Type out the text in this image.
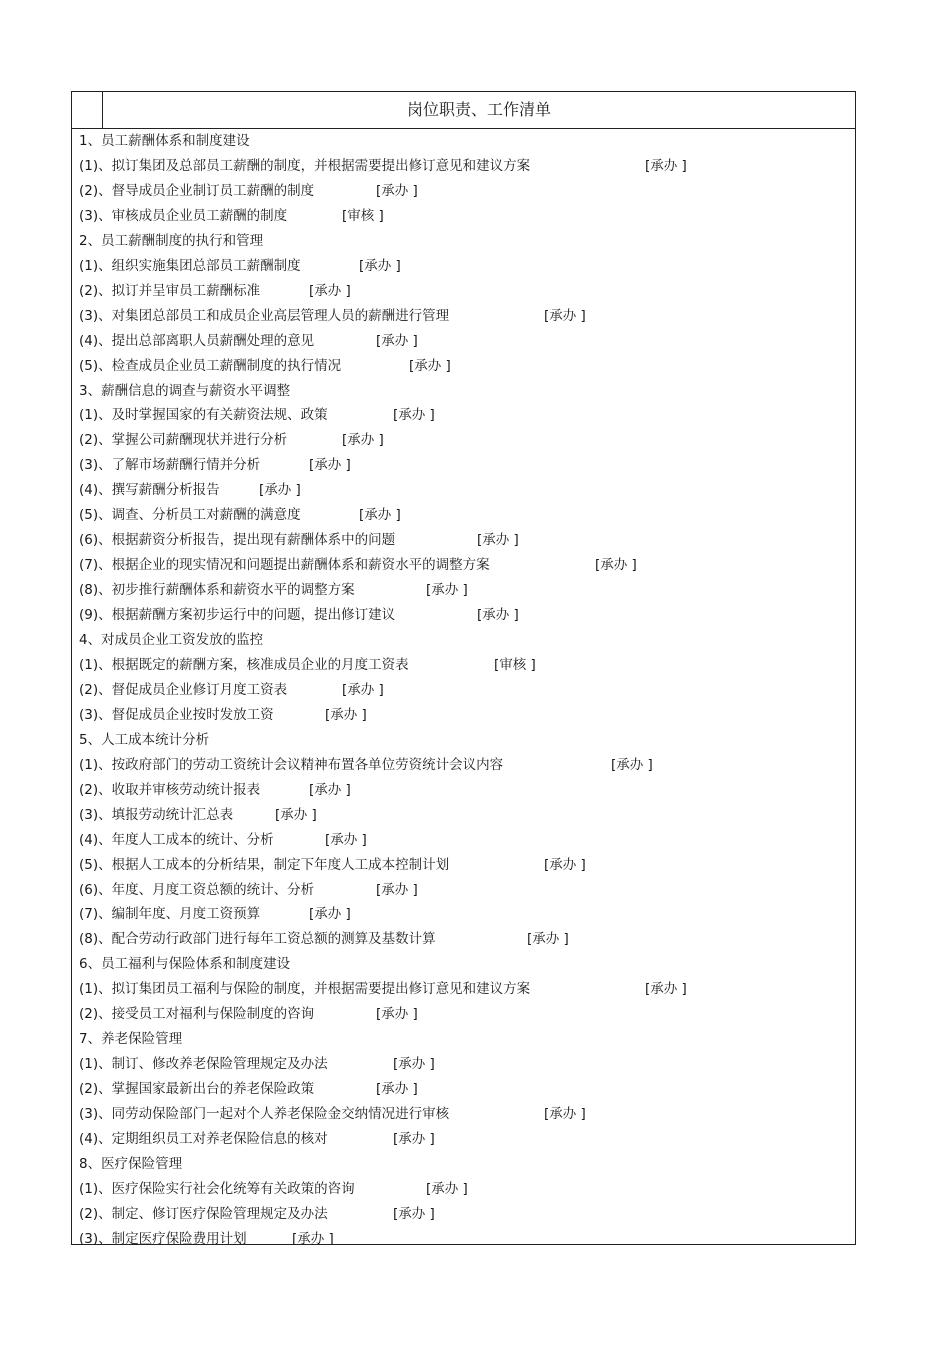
岗位职责、工作清单
1、员工薪酬体系和制度建设
(1)、拟订集团及总部员工薪酬的制度，并根据需要提出修订意见和建议方案	[承办 ]
(2)、督导成员企业制订员工薪酬的制度	[承办 ]
(3)、审核成员企业员工薪酬的制度	[审核 ]
2、员工薪酬制度的执行和管理
(1)、组织实施集团总部员工薪酬制度	[承办 ]
(2)、拟订并呈审员工薪酬标准	[承办 ]
(3)、对集团总部员工和成员企业高层管理人员的薪酬进行管理	[承办 ]
(4)、提出总部离职人员薪酬处理的意见	[承办 ]
(5)、检查成员企业员工薪酬制度的执行情况	[承办 ]
3、薪酬信息的调查与薪资水平调整
(1)、及时掌握国家的有关薪资法规、政策	[承办 ]
(2)、掌握公司薪酬现状并进行分析	[承办 ]
(3)、了解市场薪酬行情并分析	[承办 ]
(4)、撰写薪酬分析报告	[承办 ]
(5)、调查、分析员工对薪酬的满意度	[承办 ]
(6)、根据薪资分析报告，提出现有薪酬体系中的问题	[承办 ]
(7)、根据企业的现实情况和问题提出薪酬体系和薪资水平的调整方案	[承办 ]
(8)、初步推行薪酬体系和薪资水平的调整方案	[承办 ]
(9)、根据薪酬方案初步运行中的问题，提出修订建议	[承办 ]
4、对成员企业工资发放的监控
(1)、根据既定的薪酬方案，核准成员企业的月度工资表	[审核 ]
(2)、督促成员企业修订月度工资表	[承办 ]
(3)、督促成员企业按时发放工资	[承办 ]
5、人工成本统计分析
(1)、按政府部门的劳动工资统计会议精神布置各单位劳资统计会议内容	[承办 ]
(2)、收取并审核劳动统计报表	[承办 ]
(3)、填报劳动统计汇总表	[承办 ]
(4)、年度人工成本的统计、分析	[承办 ]
(5)、根据人工成本的分析结果，制定下年度人工成本控制计划	[承办 ]
(6)、年度、月度工资总额的统计、分析	[承办 ]
(7)、编制年度、月度工资预算	[承办 ]
(8)、配合劳动行政部门进行每年工资总额的测算及基数计算	[承办 ]
6、员工福利与保险体系和制度建设
(1)、拟订集团员工福利与保险的制度，并根据需要提出修订意见和建议方案	[承办 ]
(2)、接受员工对福利与保险制度的咨询	[承办 ]
7、养老保险管理
(1)、制订、修改养老保险管理规定及办法	[承办 ]
(2)、掌握国家最新出台的养老保险政策	[承办 ]
(3)、同劳动保险部门一起对个人养老保险金交纳情况进行审核	[承办 ]
(4)、定期组织员工对养老保险信息的核对	[承办 ]
8、医疗保险管理
(1)、医疗保险实行社会化统筹有关政策的咨询	[承办 ]
(2)、制定、修订医疗保险管理规定及办法	[承办 ]
(3)、制定医疗保险费用计划	[承办 ]
